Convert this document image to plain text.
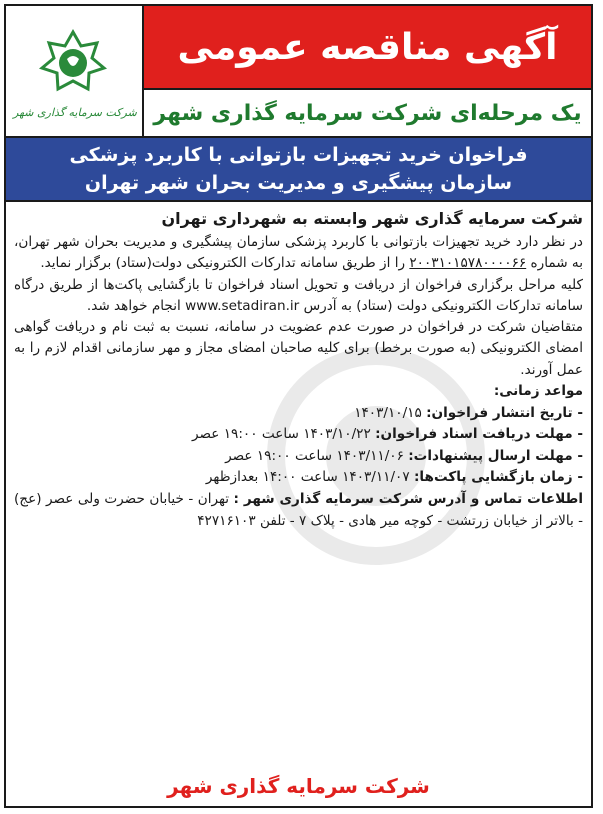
شرکت سرمایه گذاری شهر
آگهی مناقصه عمومی
یک مرحله‌ای شرکت سرمایه گذاری شهر
فراخوان خرید تجهیزات بازتوانی با کاربرد پزشکی
سازمان پیشگیری و مدیریت بحران شهر تهران

شرکت سرمایه گذاری شهر وابسته به شهرداری تهران

در نظر دارد خرید تجهیزات بازتوانی با کاربرد پزشکی سازمان پیشگیری و مدیریت بحران شهر تهران، به شماره ۲۰۰۳۱۰۱۵۷۸۰۰۰۰۶۶ را از طریق سامانه تدارکات الکترونیکی دولت(ستاد) برگزار نماید.

کلیه مراحل برگزاری فراخوان از دریافت و تحویل اسناد فراخوان تا بازگشایی پاکت‌ها از طریق درگاه سامانه تدارکات الکترونیکی دولت (ستاد) به آدرس www.setadiran.ir انجام خواهد شد.

متقاضیان شرکت در فراخوان در صورت عدم عضویت در سامانه، نسبت به ثبت نام و دریافت گواهی امضای الکترونیکی (به صورت برخط) برای کلیه صاحبان امضای مجاز و مهر سازمانی اقدام لازم را به عمل آورند.

مواعد زمانی:

- تاریخ انتشار فراخوان: ۱۴۰۳/۱۰/۱۵

- مهلت دریافت اسناد فراخوان: ۱۴۰۳/۱۰/۲۲ ساعت ۱۹:۰۰ عصر

- مهلت ارسال پیشنهادات: ۱۴۰۳/۱۱/۰۶ ساعت ۱۹:۰۰ عصر

- زمان بازگشایی پاکت‌ها: ۱۴۰۳/۱۱/۰۷ ساعت ۱۴:۰۰ بعدازظهر

اطلاعات تماس و آدرس شرکت سرمایه گذاری شهر : تهران - خیابان حضرت ولی عصر (عج) - بالاتر از خیابان زرتشت - کوچه میر هادی - پلاک ۷ - تلفن ۴۲۷۱۶۱۰۳

شرکت سرمایه گذاری شهر
